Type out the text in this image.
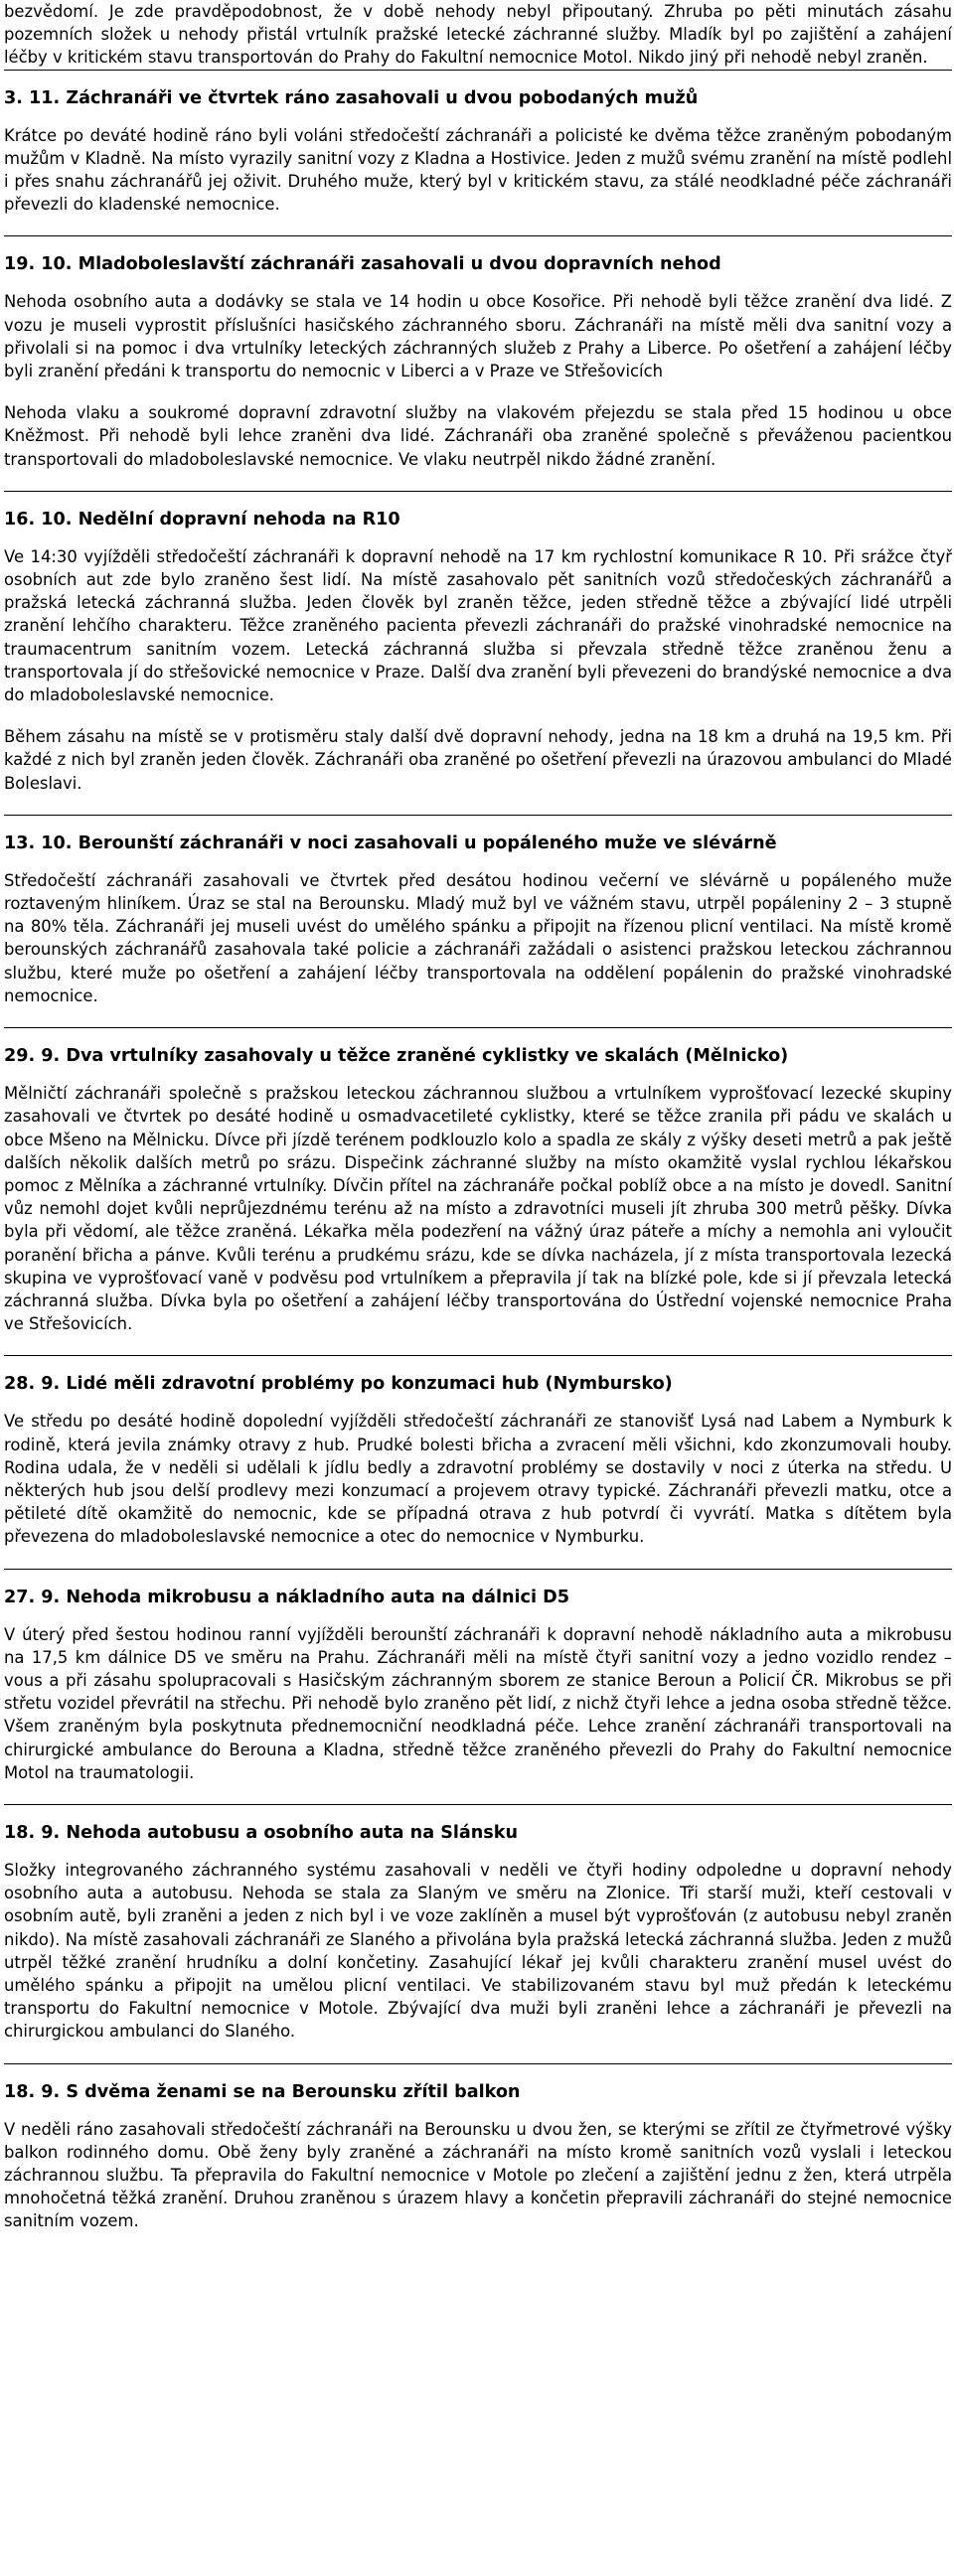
bezvědomí. Je zde pravděpodobnost, že v době nehody nebyl připoutaný. Zhruba po pěti minutách zásahu pozemních složek u nehody přistál vrtulník pražské letecké záchranné služby. Mladík byl po zajištění a zahájení léčby v kritickém stavu transportován do Prahy do Fakultní nemocnice Motol. Nikdo jiný při nehodě nebyl zraněn.

3. 11. Záchranáři ve čtvrtek ráno zasahovali u dvou pobodaných mužů

Krátce po deváté hodině ráno byli voláni středočeští záchranáři a policisté ke dvěma těžce zraněným pobodaným mužům v Kladně. Na místo vyrazily sanitní vozy z Kladna a Hostivice. Jeden z mužů svému zranění na místě podlehl i přes snahu záchranářů jej oživit. Druhého muže, který byl v kritickém stavu, za stálé neodkladné péče záchranáři převezli do kladenské nemocnice.

19. 10. Mladoboleslavští záchranáři zasahovali u dvou dopravních nehod

Nehoda osobního auta a dodávky se stala ve 14 hodin u obce Kosořice. Při nehodě byli těžce zranění dva lidé. Z vozu je museli vyprostit příslušníci hasičského záchranného sboru. Záchranáři na místě měli dva sanitní vozy a přivolali si na pomoc i dva vrtulníky leteckých záchranných služeb z Prahy a Liberce. Po ošetření a zahájení léčby byli zranění předáni k transportu do nemocnic v Liberci a v Praze ve Střešovicích

Nehoda vlaku a soukromé dopravní zdravotní služby na vlakovém přejezdu se stala před 15 hodinou u obce Kněžmost. Při nehodě byli lehce zraněni dva lidé. Záchranáři oba zraněné společně s převáženou pacientkou transportovali do mladoboleslavské nemocnice. Ve vlaku neutrpěl nikdo žádné zranění.

16. 10. Nedělní dopravní nehoda na R10

Ve 14:30 vyjížděli středočeští záchranáři k dopravní nehodě na 17 km rychlostní komunikace R 10. Při srážce čtyř osobních aut zde bylo zraněno šest lidí. Na místě zasahovalo pět sanitních vozů středočeských záchranářů a pražská letecká záchranná služba. Jeden člověk byl zraněn těžce, jeden středně těžce a zbývající lidé utrpěli zranění lehčího charakteru. Těžce zraněného pacienta převezli záchranáři do pražské vinohradské nemocnice na traumacentrum sanitním vozem. Letecká záchranná služba si převzala středně těžce zraněnou ženu a transportovala jí do střešovické nemocnice v Praze. Další dva zranění byli převezeni do brandýské nemocnice a dva do mladoboleslavské nemocnice.

Během zásahu na místě se v protisměru staly další dvě dopravní nehody, jedna na 18 km a druhá na 19,5 km. Při každé z nich byl zraněn jeden člověk. Záchranáři oba zraněné po ošetření převezli na úrazovou ambulanci do Mladé Boleslavi.

13. 10. Berounští záchranáři v noci zasahovali u popáleného muže ve slévárně

Středočeští záchranáři zasahovali ve čtvrtek před desátou hodinou večerní ve slévárně u popáleného muže roztaveným hliníkem. Úraz se stal na Berounsku. Mladý muž byl ve vážném stavu, utrpěl popáleniny 2 – 3 stupně na 80% těla. Záchranáři jej museli uvést do umělého spánku a připojit na řízenou plicní ventilaci. Na místě kromě berounských záchranářů zasahovala také policie a záchranáři zažádali o asistenci pražskou leteckou záchrannou službu, které muže po ošetření a zahájení léčby transportovala na oddělení popálenin do pražské vinohradské nemocnice.

29. 9. Dva vrtulníky zasahovaly u těžce zraněné cyklistky ve skalách (Mělnicko)

Mělničtí záchranáři společně s pražskou leteckou záchrannou službou a vrtulníkem vyprošťovací lezecké skupiny zasahovali ve čtvrtek po desáté hodině u osmadvacetileté cyklistky, které se těžce zranila při pádu ve skalách u obce Mšeno na Mělnicku. Dívce při jízdě terénem podklouzlo kolo a spadla ze skály z výšky deseti metrů a pak ještě dalších několik dalších metrů po srázu. Dispečink záchranné služby na místo okamžitě vyslal rychlou lékařskou pomoc z Mělníka a záchranné vrtulníky. Dívčin přítel na záchranáře počkal poblíž obce a na místo je dovedl. Sanitní vůz nemohl dojet kvůli neprůjezdnému terénu až na místo a zdravotníci museli jít zhruba 300 metrů pěšky. Dívka byla při vědomí, ale těžce zraněná. Lékařka měla podezření na vážný úraz páteře a míchy a nemohla ani vyloučit poranění břicha a pánve. Kvůli terénu a prudkému srázu, kde se dívka nacházela, jí z místa transportovala lezecká skupina ve vyprošťovací vaně v podvěsu pod vrtulníkem a přepravila jí tak na blízké pole, kde si jí převzala letecká záchranná služba. Dívka byla po ošetření a zahájení léčby transportována do Ústřední vojenské nemocnice Praha ve Střešovicích.

28. 9. Lidé měli zdravotní problémy po konzumaci hub (Nymbursko)

Ve středu po desáté hodině dopolední vyjížděli středočeští záchranáři ze stanovišť Lysá nad Labem a Nymburk k rodině, která jevila známky otravy z hub. Prudké bolesti břicha a zvracení měli všichni, kdo zkonzumovali houby. Rodina udala, že v neděli si udělali k jídlu bedly a zdravotní problémy se dostavily v noci z úterka na středu. U některých hub jsou delší prodlevy mezi konzumací a projevem otravy typické. Záchranáři převezli matku, otce a pětileté dítě okamžitě do nemocnic, kde se případná otrava z hub potvrdí či vyvrátí. Matka s dítětem byla převezena do mladoboleslavské nemocnice a otec do nemocnice v Nymburku.

27. 9. Nehoda mikrobusu a nákladního auta na dálnici D5

V úterý před šestou hodinou ranní vyjížděli berounští záchranáři k dopravní nehodě nákladního auta a mikrobusu na 17,5 km dálnice D5 ve směru na Prahu. Záchranáři měli na místě čtyři sanitní vozy a jedno vozidlo rendez – vous a při zásahu spolupracovali s Hasičským záchranným sborem ze stanice Beroun a Policií ČR. Mikrobus se při střetu vozidel převrátil na střechu. Při nehodě bylo zraněno pět lidí, z nichž čtyři lehce a jedna osoba středně těžce. Všem zraněným byla poskytnuta přednemocniční neodkladná péče. Lehce zranění záchranáři transportovali na chirurgické ambulance do Berouna a Kladna, středně těžce zraněného převezli do Prahy do Fakultní nemocnice Motol na traumatologii.

18. 9. Nehoda autobusu a osobního auta na Slánsku

Složky integrovaného záchranného systému zasahovali v neděli ve čtyři hodiny odpoledne u dopravní nehody osobního auta a autobusu. Nehoda se stala za Slaným ve směru na Zlonice. Tři starší muži, kteří cestovali v osobním autě, byli zraněni a jeden z nich byl i ve voze zaklíněn a musel být vyprošťován (z autobusu nebyl zraněn nikdo). Na místě zasahovali záchranáři ze Slaného a přivolána byla pražská letecká záchranná služba. Jeden z mužů utrpěl těžké zranění hrudníku a dolní končetiny. Zasahující lékař jej kvůli charakteru zranění musel uvést do umělého spánku a připojit na umělou plicní ventilaci. Ve stabilizovaném stavu byl muž předán k leteckému transportu do Fakultní nemocnice v Motole. Zbývající dva muži byli zraněni lehce a záchranáři je převezli na chirurgickou ambulanci do Slaného.

18. 9. S dvěma ženami se na Berounsku zřítil balkon

V neděli ráno zasahovali středočeští záchranáři na Berounsku u dvou žen, se kterými se zřítil ze čtyřmetrové výšky balkon rodinného domu. Obě ženy byly zraněné a záchranáři na místo kromě sanitních vozů vyslali i leteckou záchrannou službu. Ta přepravila do Fakultní nemocnice v Motole po zlečení a zajištění jednu z žen, která utrpěla mnohočetná těžká zranění. Druhou zraněnou s úrazem hlavy a končetin přepravili záchranáři do stejné nemocnice sanitním vozem.
